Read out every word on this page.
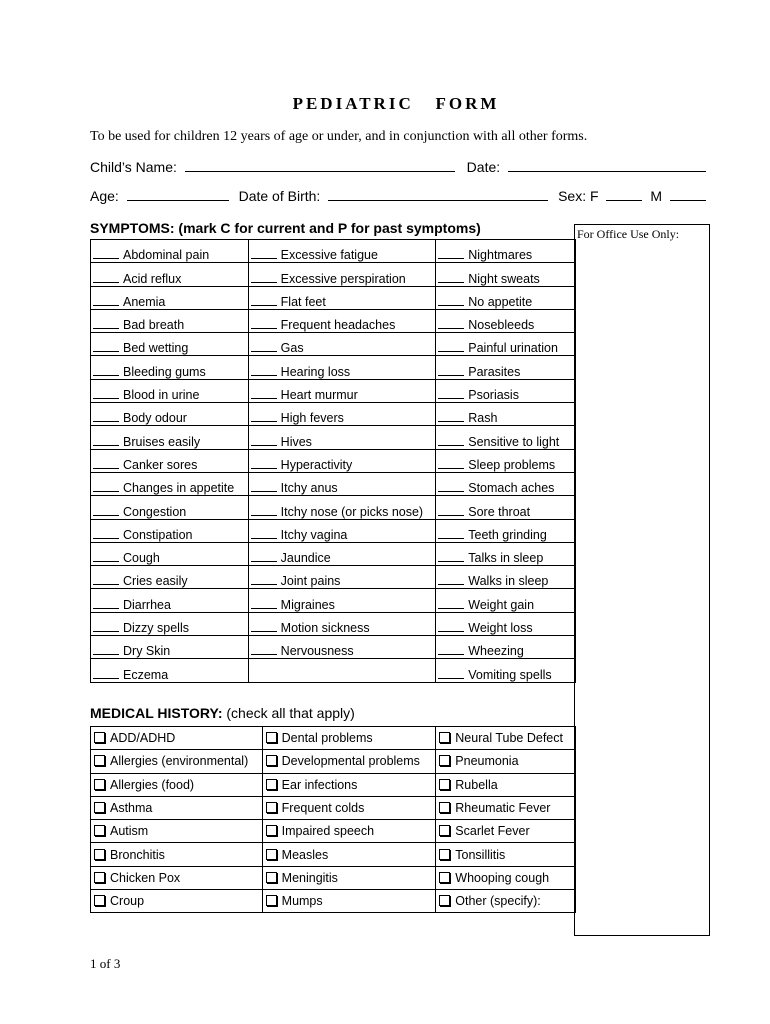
PEDIATRIC   FORM
To be used for children 12 years of age or under, and in conjunction with all other forms.
Child’s Name:	Date:
Age:	Date of Birth:	Sex: F	M
SYMPTOMS: (mark C for current and P for past symptoms)
Abdominal pain	Excessive fatigue	Nightmares
Acid reflux	Excessive perspiration	Night sweats
Anemia	Flat feet	No appetite
Bad breath	Frequent headaches	Nosebleeds
Bed wetting	Gas	Painful urination
Bleeding gums	Hearing loss	Parasites
Blood in urine	Heart murmur	Psoriasis
Body odour	High fevers	Rash
Bruises easily	Hives	Sensitive to light
Canker sores	Hyperactivity	Sleep problems
Changes in appetite	Itchy anus	Stomach aches
Congestion	Itchy nose (or picks nose)	Sore throat
Constipation	Itchy vagina	Teeth grinding
Cough	Jaundice	Talks in sleep
Cries easily	Joint pains	Walks in sleep
Diarrhea	Migraines	Weight gain
Dizzy spells	Motion sickness	Weight loss
Dry Skin	Nervousness	Wheezing
Eczema		Vomiting spells
For Office Use Only:
MEDICAL HISTORY: (check all that apply)
ADD/ADHD	Dental problems	Neural Tube Defect
Allergies (environmental)	Developmental problems	Pneumonia
Allergies (food)	Ear infections	Rubella
Asthma	Frequent colds	Rheumatic Fever
Autism	Impaired speech	Scarlet Fever
Bronchitis	Measles	Tonsillitis
Chicken Pox	Meningitis	Whooping cough
Croup	Mumps	Other (specify):
1 of 3
